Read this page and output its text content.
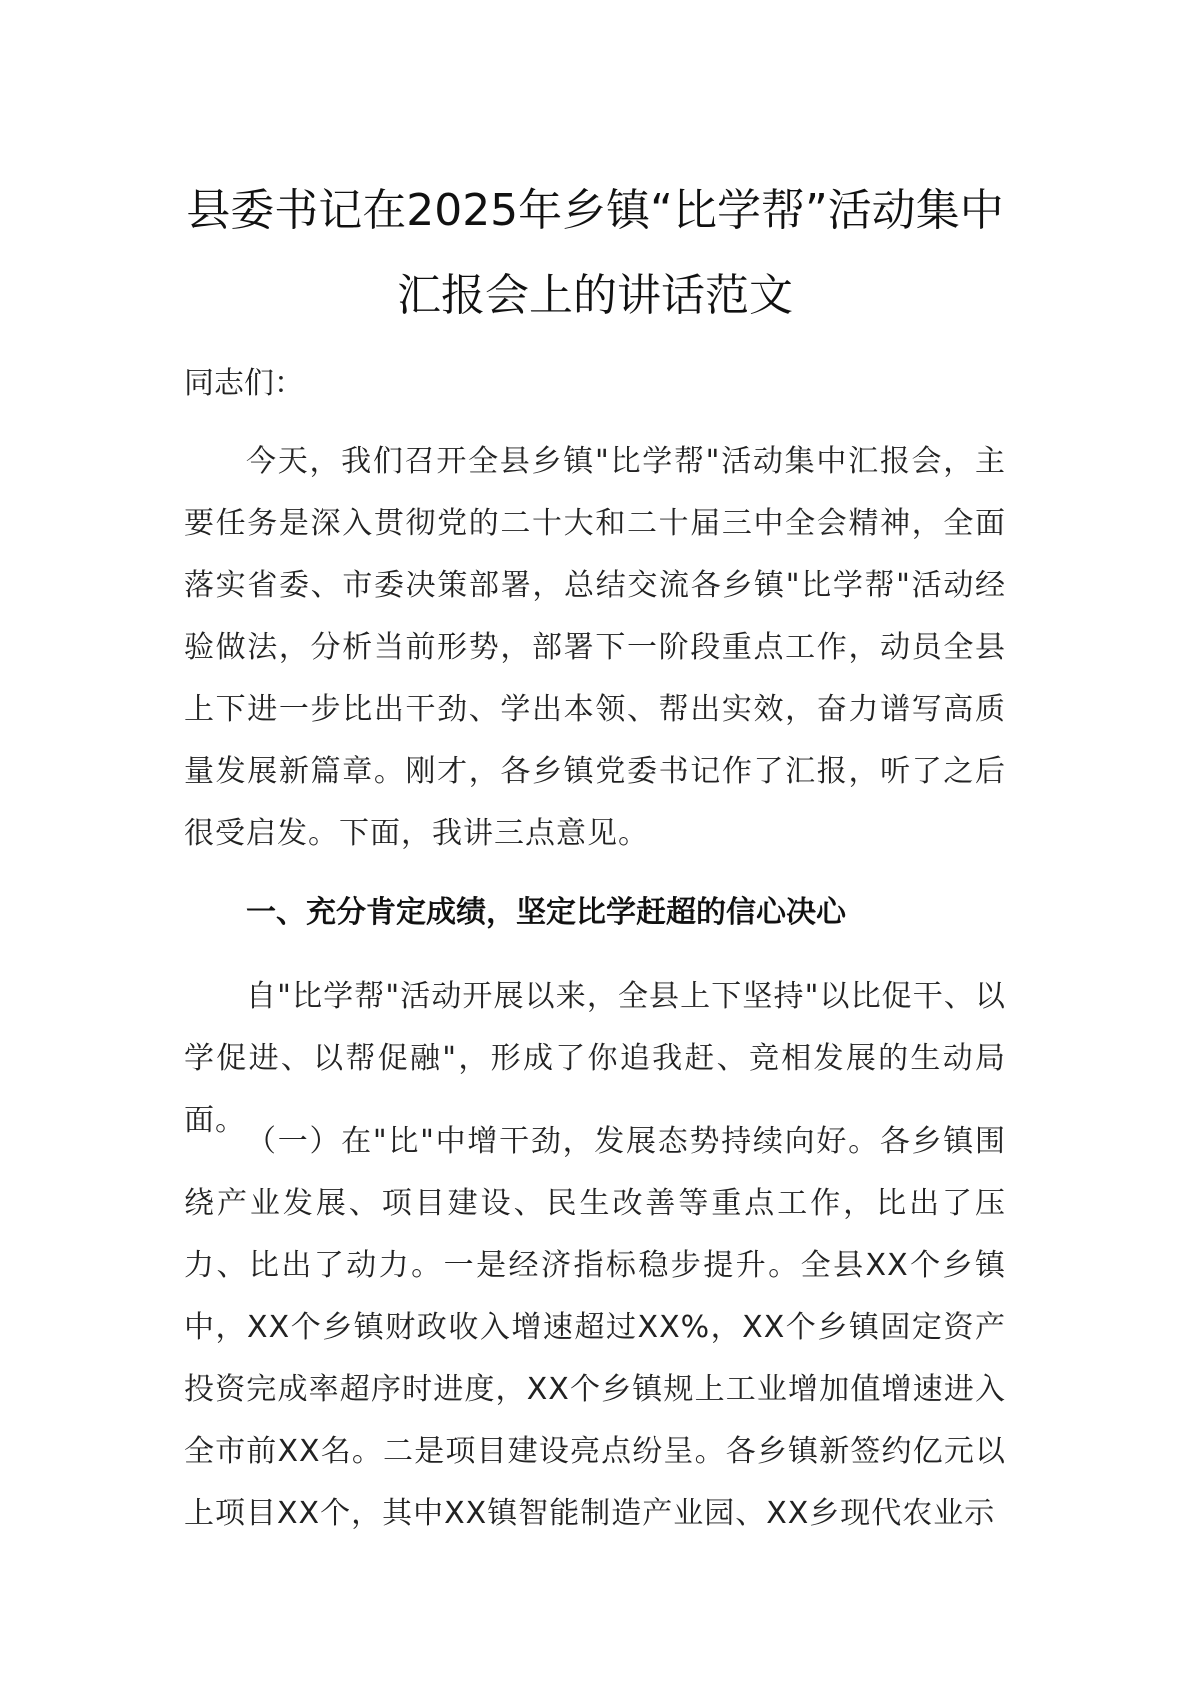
县委书记在2025年乡镇“比学帮”活动集中汇报会上的讲话范文

同志们：

今天，我们召开全县乡镇"比学帮"活动集中汇报会，主要任务是深入贯彻党的二十大和二十届三中全会精神，全面落实省委、市委决策部署，总结交流各乡镇"比学帮"活动经验做法，分析当前形势，部署下一阶段重点工作，动员全县上下进一步比出干劲、学出本领、帮出实效，奋力谱写高质量发展新篇章。刚才，各乡镇党委书记作了汇报，听了之后很受启发。下面，我讲三点意见。

一、充分肯定成绩，坚定比学赶超的信心决心

自"比学帮"活动开展以来，全县上下坚持"以比促干、以学促进、以帮促融"，形成了你追我赶、竞相发展的生动局面。

（一）在"比"中增干劲，发展态势持续向好。各乡镇围绕产业发展、项目建设、民生改善等重点工作，比出了压力、比出了动力。一是经济指标稳步提升。全县XX个乡镇中，XX个乡镇财政收入增速超过XX%，XX个乡镇固定资产投资完成率超序时进度，XX个乡镇规上工业增加值增速进入全市前XX名。二是项目建设亮点纷呈。各乡镇新签约亿元以上项目XX个，其中XX镇智能制造产业园、XX乡现代农业示
